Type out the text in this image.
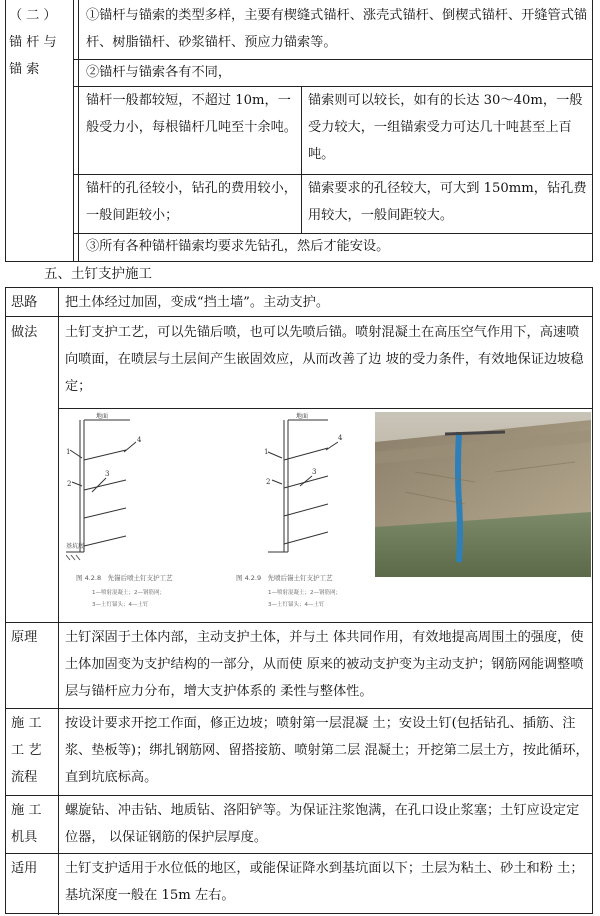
（二）锚杆与锚索
①锚杆与锚索的类型多样，主要有楔缝式锚杆、涨壳式锚杆、倒楔式锚杆、开缝管式锚杆、树脂锚杆、砂浆锚杆、预应力锚索等。
②锚杆与锚索各有不同，
锚杆一般都较短，不超过 10m，一般受力小，每根锚杆几吨至十余吨。
锚索则可以较长，如有的长达 30～40m，一般受力较大，一组锚索受力可达几十吨甚至上百吨。
锚杆的孔径较小，钻孔的费用较小，一般间距较小；
锚索要求的孔径较大，可大到 150mm，钻孔费用较大，一般间距较大。
③所有各种锚杆锚索均要求先钻孔，然后才能安设。
五、土钉支护施工
思路
做法
原理
施 工
工 艺
流程
施 工
机具
适用
把土体经过加固，变成“挡土墙”。主动支护。
土钉支护工艺，可以先锚后喷，也可以先喷后锚。喷射混凝土在高压空气作用下，高速喷向喷面，在喷层与土层间产生嵌固效应，从而改善了边 坡的受力条件，有效地保证边坡稳定；
土钉深固于土体内部，主动支护土体，并与土 体共同作用，有效地提高周围土的强度，使土体加固变为支护结构的一部分，从而使 原来的被动支护变为主动支护；钢筋网能调整喷层与锚杆应力分布，增大支护体系的 柔性与整体性。
按设计要求开挖工作面，修正边坡；喷射第一层混凝 土；安设土钉(包括钻孔、插筋、注浆、垫板等)；绑扎钢筋网、留搭接筋、喷射第二层 混凝土；开挖第二层土方，按此循环，直到坑底标高。
螺旋钻、冲击钻、地质钻、洛阳铲等。为保证注浆饱满，在孔口设止浆塞；土钉应设定定位器， 以保证钢筋的保护层厚度。
土钉支护适用于水位低的地区，或能保证降水到基坑面以下；土层为粘土、砂土和粉 土；基坑深度一般在 15m 左右。
地面
基坑底
1
2
3
4
图 4.2.8　先锚后喷土钉支护工艺
1—喷射混凝土；2—钢筋网；
3—土钉锚头；4—土钉
地面
1
2
3
4
图 4.2.9　先喷后锚土钉支护工艺
1—喷射混凝土；2—钢筋网；
3—土钉锚头；4—土钉
